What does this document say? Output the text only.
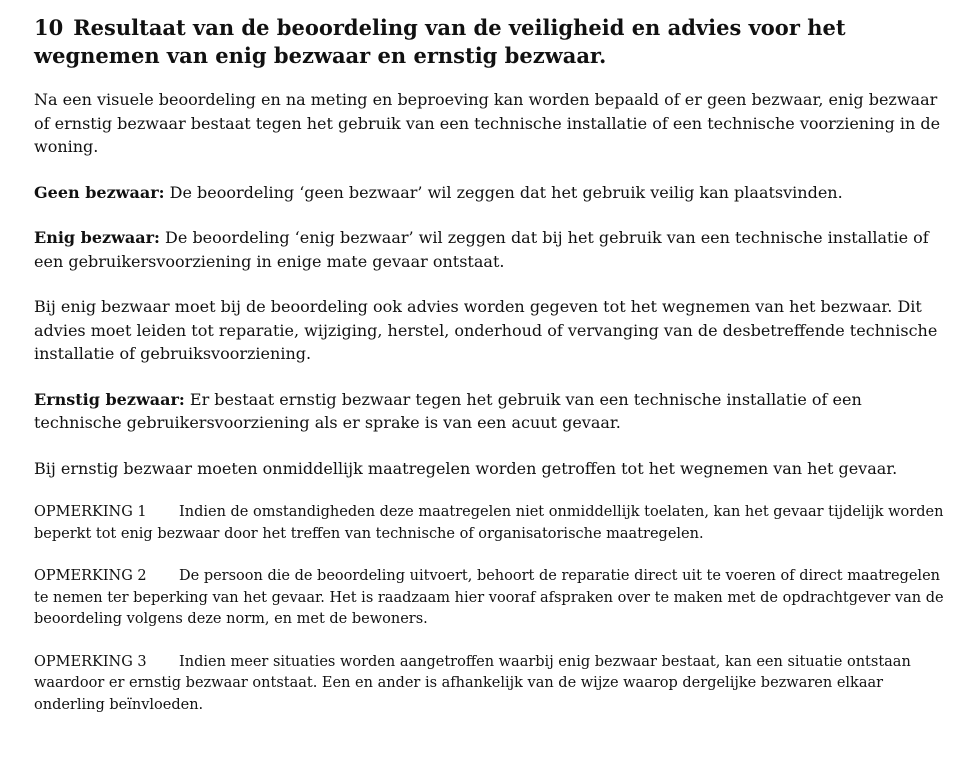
10 Resultaat van de beoordeling van de veiligheid en advies voor het wegnemen van enig bezwaar en ernstig bezwaar.

Na een visuele beoordeling en na meting en beproeving kan worden bepaald of er geen bezwaar, enig bezwaar of ernstig bezwaar bestaat tegen het gebruik van een technische installatie of een technische voorziening in de woning.

Geen bezwaar: De beoordeling ‘geen bezwaar’ wil zeggen dat het gebruik veilig kan plaatsvinden.

Enig bezwaar: De beoordeling ‘enig bezwaar’ wil zeggen dat bij het gebruik van een technische installatie of een gebruikersvoorziening in enige mate gevaar ontstaat.

Bij enig bezwaar moet bij de beoordeling ook advies worden gegeven tot het wegnemen van het bezwaar. Dit advies moet leiden tot reparatie, wijziging, herstel, onderhoud of vervanging van de desbetreffende technische installatie of gebruiksvoorziening.

Ernstig bezwaar: Er bestaat ernstig bezwaar tegen het gebruik van een technische installatie of een technische gebruikersvoorziening als er sprake is van een acuut gevaar.

Bij ernstig bezwaar moeten onmiddellijk maatregelen worden getroffen tot het wegnemen van het gevaar.

OPMERKING 1 Indien de omstandigheden deze maatregelen niet onmiddellijk toelaten, kan het gevaar tijdelijk worden beperkt tot enig bezwaar door het treffen van technische of organisatorische maatregelen.

OPMERKING 2 De persoon die de beoordeling uitvoert, behoort de reparatie direct uit te voeren of direct maatregelen te nemen ter beperking van het gevaar. Het is raadzaam hier vooraf afspraken over te maken met de opdrachtgever van de beoordeling volgens deze norm, en met de bewoners.

OPMERKING 3 Indien meer situaties worden aangetroffen waarbij enig bezwaar bestaat, kan een situatie ontstaan waardoor er ernstig bezwaar ontstaat. Een en ander is afhankelijk van de wijze waarop dergelijke bezwaren elkaar onderling beïnvloeden.
